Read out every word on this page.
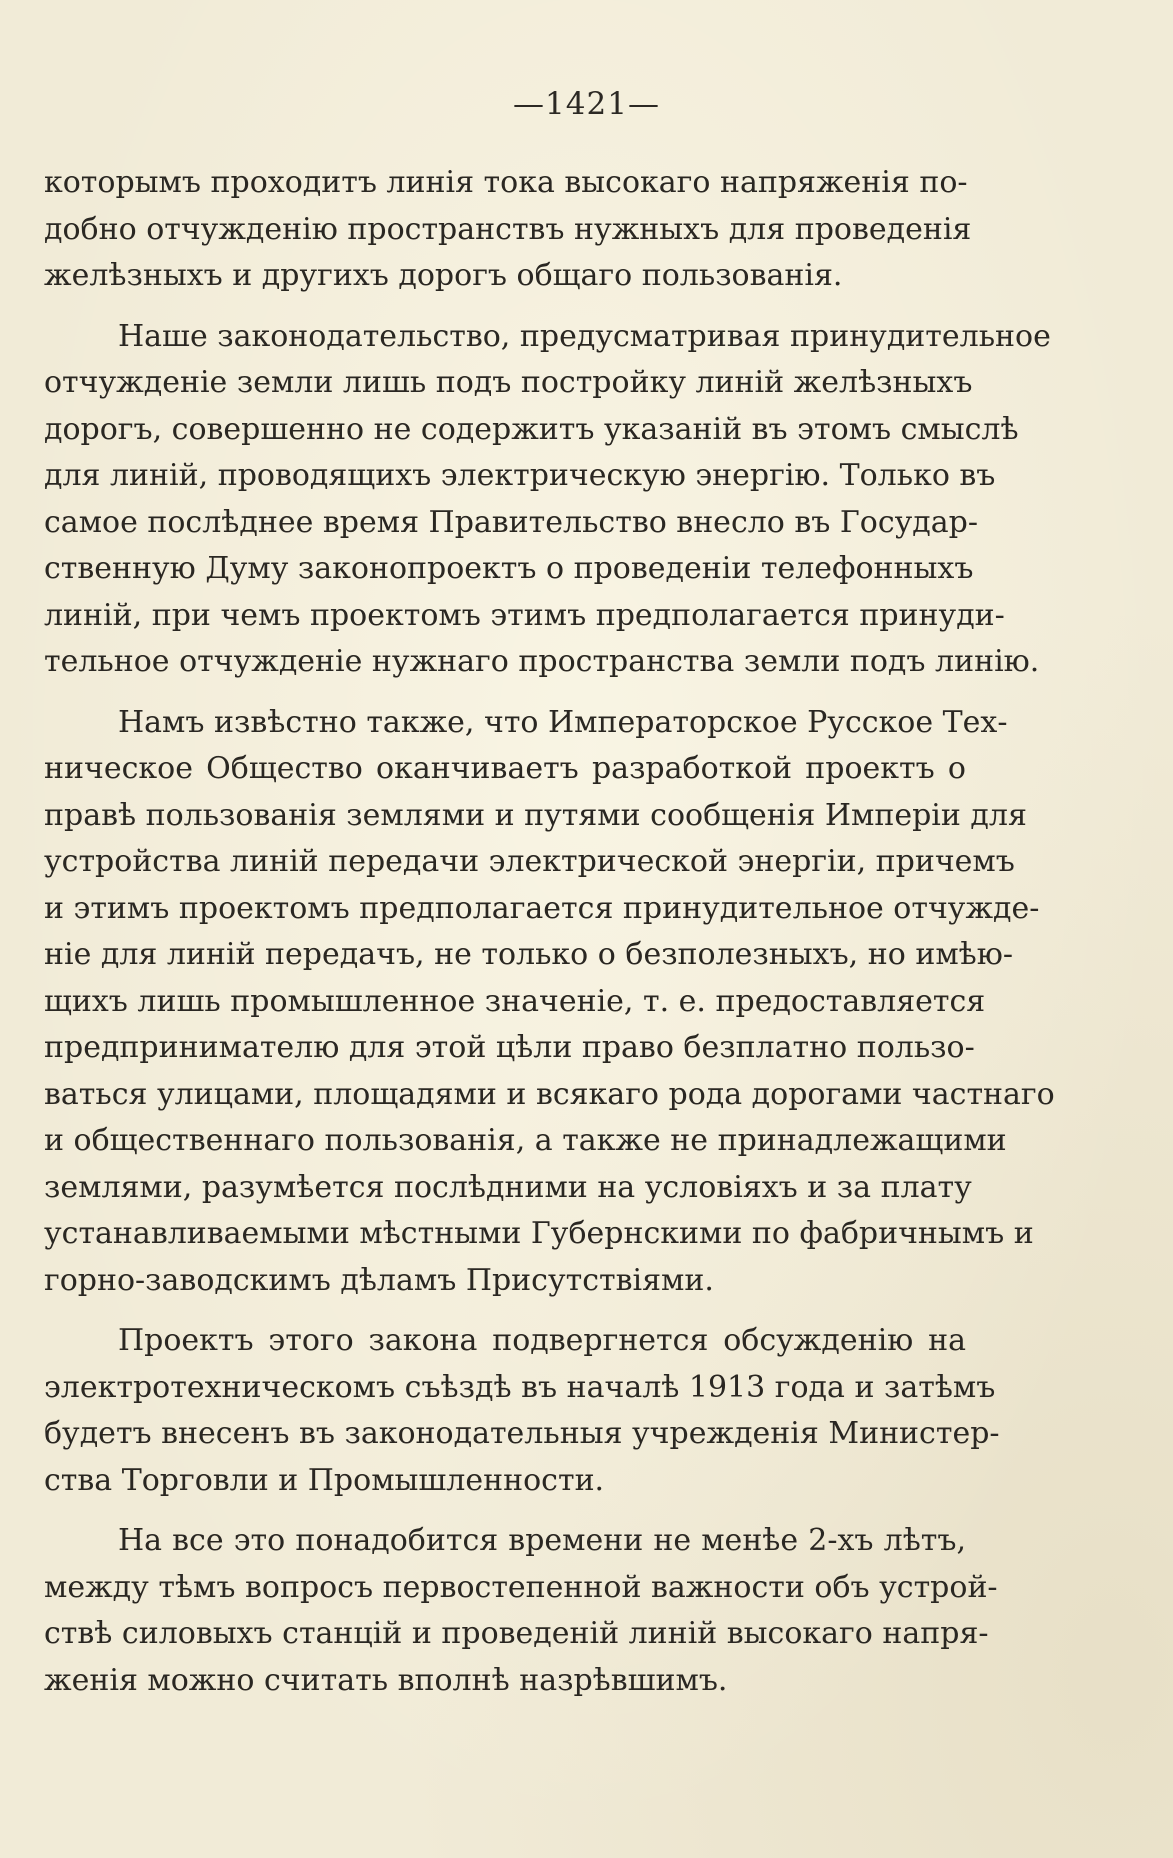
—1421—

которымъ проходитъ линія тока высокаго напряженія по-
добно отчужденію пространствъ нужныхъ для проведенія
желѣзныхъ и другихъ дорогъ общаго пользованія.

Наше законодательство, предусматривая принудительное
отчужденіе земли лишь подъ постройку линій желѣзныхъ
дорогъ, совершенно не содержитъ указаній въ этомъ смыслѣ
для линій, проводящихъ электрическую энергію. Только въ
самое послѣднее время Правительство внесло въ Государ-
ственную Думу законопроектъ о проведеніи телефонныхъ
линій, при чемъ проектомъ этимъ предполагается принуди-
тельное отчужденіе нужнаго пространства земли подъ линію.

Намъ извѣстно также, что Императорское Русское Тех-
ническое Общество оканчиваетъ разработкой проектъ о
правѣ пользованія землями и путями сообщенія Имперіи для
устройства линій передачи электрической энергіи, причемъ
и этимъ проектомъ предполагается принудительное отчужде-
ніе для линій передачъ, не только о безполезныхъ, но имѣю-
щихъ лишь промышленное значеніе, т. е. предоставляется
предпринимателю для этой цѣли право безплатно пользо-
ваться улицами, площадями и всякаго рода дорогами частнаго
и общественнаго пользованія, а также не принадлежащими
землями, разумѣется послѣдними на условіяхъ и за плату
устанавливаемыми мѣстными Губернскими по фабричнымъ и
горно-заводскимъ дѣламъ Присутствіями.

Проектъ этого закона подвергнется обсужденію на
электротехническомъ съѣздѣ въ началѣ 1913 года и затѣмъ
будетъ внесенъ въ законодательныя учрежденія Министер-
ства Торговли и Промышленности.

На все это понадобится времени не менѣе 2-хъ лѣтъ,
между тѣмъ вопросъ первостепенной важности объ устрой-
ствѣ силовыхъ станцій и проведеній линій высокаго напря-
женія можно считать вполнѣ назрѣвшимъ.
